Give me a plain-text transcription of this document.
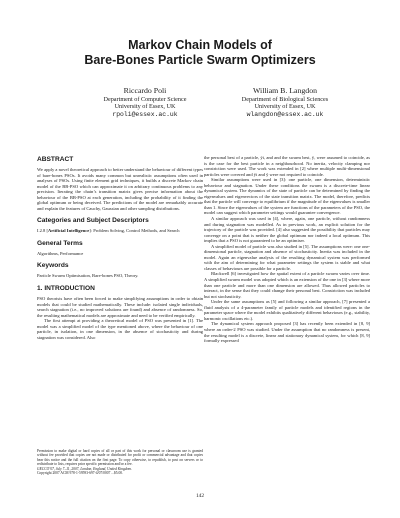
Markov Chain Models of
Bare-Bones Particle Swarm Optimizers
Riccardo Poli
Department of Computer Science
University of Essex, UK
rpoli@essex.ac.uk
William B. Langdon
Department of Biological Sciences
University of Essex, UK
wlangdon@essex.ac.uk
ABSTRACT

We apply a novel theoretical approach to better understand the behaviour of different types of bare-bones PSOs. It avoids many common but unrealistic assumptions often used in analyses of PSOs. Using finite element grid techniques, it builds a discrete Markov chain model of the BB-PSO which can approximate it on arbitrary continuous problems to any precision. Iterating the chain’s transition matrix gives precise information about the behaviour of the BB-PSO at each generation, including the probability of it finding the global optimum or being deceived. The predictions of the model are remarkably accurate and explain the features of Cauchy, Gaussian and other sampling distributions.

Categories and Subject Descriptors

I.2.8 [Artificial Intelligence]: Problem Solving, Control Methods, and Search

General Terms

Algorithms, Performance

Keywords

Particle Swarm Optimisation, Bare-bones PSO, Theory.

1. INTRODUCTION

PSO theorists have often been forced to make simplifying assumptions in order to obtain models that could be studied mathematically. These include: isolated single individuals, search stagnation (i.e., no improved solutions are found) and absence of randomness. So, the resulting mathematical models are approximate and need to be verified empirically.

The first attempt at providing a theoretical model of PSO was presented in [1]. The model was a simplified model of the type mentioned above, where the behaviour of one particle, in isolation, in one dimension, in the absence of stochasticity and during stagnation was considered. Also

Permission to make digital or hard copies of all or part of this work for personal or classroom use is granted without fee provided that copies are not made or distributed for profit or commercial advantage and that copies bear this notice and the full citation on the first page. To copy otherwise, to republish, to post on servers or to redistribute to lists, requires prior specific permission and/or a fee.

GECCO’07, July 7–11, 2007, London, England, United Kingdom.

Copyright 2007 ACM 978-1-59593-697-4/07/0007 ...$5.00.

the personal best of a particle, ȳi, and and the swarm best, ŷ, were assumed to coincide, as is the case for the best particle in a neighbourhood. No inertia, velocity clamping nor constriction were used. The work was extended in [2] where multiple multi-dimensional particles were covered and ȳi and ŷ were not required to coincide.

Similar assumptions were used in [3]: one particle, one dimension, deterministic behaviour and stagnation. Under these conditions the swarm is a discrete-time linear dynamical system. The dynamics of the state of particle can be determined by finding the eigenvalues and eigenvectors of the state transition matrix. The model, therefore, predicts that the particle will converge to equilibrium if the magnitude of the eigenvalues is smaller than 1. Since the eigenvalues of the system are functions of the parameters of the PSO, the model can suggest which parameter settings would guarantee convergence.

A similar approach was used in [4], where, again, one particle, without randomness and during stagnation was modelled. As in previous work, an explicit solution for the trajectory of the particle was provided. [4] also suggested the possibility that particles may converge on a point that is neither the global optimum nor indeed a local optimum. This implies that a PSO is not guaranteed to be an optimiser.

A simplified model of particle was also studied in [5]. The assumptions were: one one-dimensional particle, stagnation and absence of stochasticity. Inertia was included in the model. Again an eigenvalue analysis of the resulting dynamical system was performed with the aim of determining for what parameter settings the system is stable and what classes of behaviours are possible for a particle.

Blackwell [6] investigated how the spatial extent of a particle swarm varies over time. A simplified swarm model was adopted which is an extension of the one in [3] where more than one particle and more than one dimension are allowed. Thus allowed particles to interact, in the sense that they could change their personal best. Constriction was included but not stochasticity.

Under the same assumptions as [5] and following a similar approach, [7] presented a fluid analysis of a 4-parameter family of particle models and identified regions in the parameter space where the model exhibits qualitatively different behaviours (e.g., stability, harmonic oscillations etc.).

The dynamical system approach proposed [3] has recently been extended in [8, 9] where an order-2 PSO was studied. Under the assumption that no randomness is present, the resulting model is a discrete, linear and stationary dynamical system, for which [8, 9] formally expressed

142
